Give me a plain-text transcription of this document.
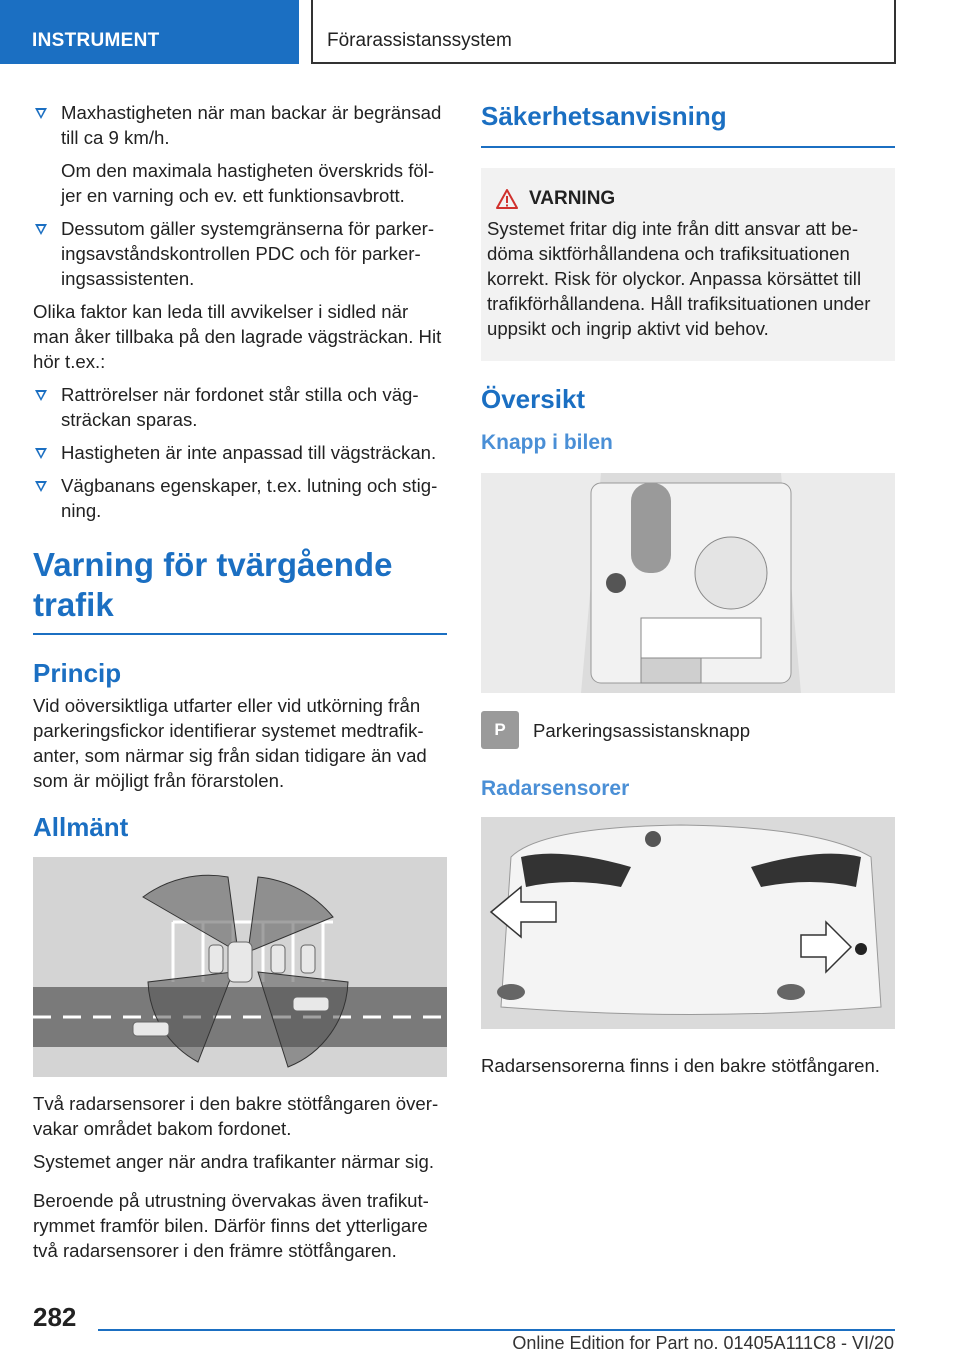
INSTRUMENT	Förarassistanssystem
Maxhastigheten när man backar är begränsad till ca 9 km/h.
Om den maximala hastigheten överskrids följer en varning och ev. ett funktionsavbrott.
Dessutom gäller systemgränserna för parkeringsavståndskontrollen PDC och för parkeringsassistenten.
Olika faktor kan leda till avvikelser i sidled när man åker tillbaka på den lagrade vägsträckan. Hit hör t.ex.:
Rattrörelser när fordonet står stilla och vägsträckan sparas.
Hastigheten är inte anpassad till vägsträckan.
Vägbanans egenskaper, t.ex. lutning och stigning.
Varning för tvärgående trafik
Princip
Vid oöversiktliga utfarter eller vid utkörning från parkeringsfickor identifierar systemet medtrafikanter, som närmar sig från sidan tidigare än vad som är möjligt från förarstolen.
Allmänt
Två radarsensorer i den bakre stötfångaren övervakar området bakom fordonet.
Systemet anger när andra trafikanter närmar sig.
Beroende på utrustning övervakas även trafikutrymmet framför bilen. Därför finns det ytterligare två radarsensorer i den främre stötfångaren.
Säkerhetsanvisning
VARNING
Systemet fritar dig inte från ditt ansvar att bedöma siktförhållandena och trafiksituationen korrekt. Risk för olyckor. Anpassa körsättet till trafikförhållandena. Håll trafiksituationen under uppsikt och ingrip aktivt vid behov.
Översikt
Knapp i bilen
P	Parkeringsassistansknapp
Radarsensorer
Radarsensorerna finns i den bakre stötfångaren.
282
Online Edition for Part no. 01405A111C8 - VI/20
